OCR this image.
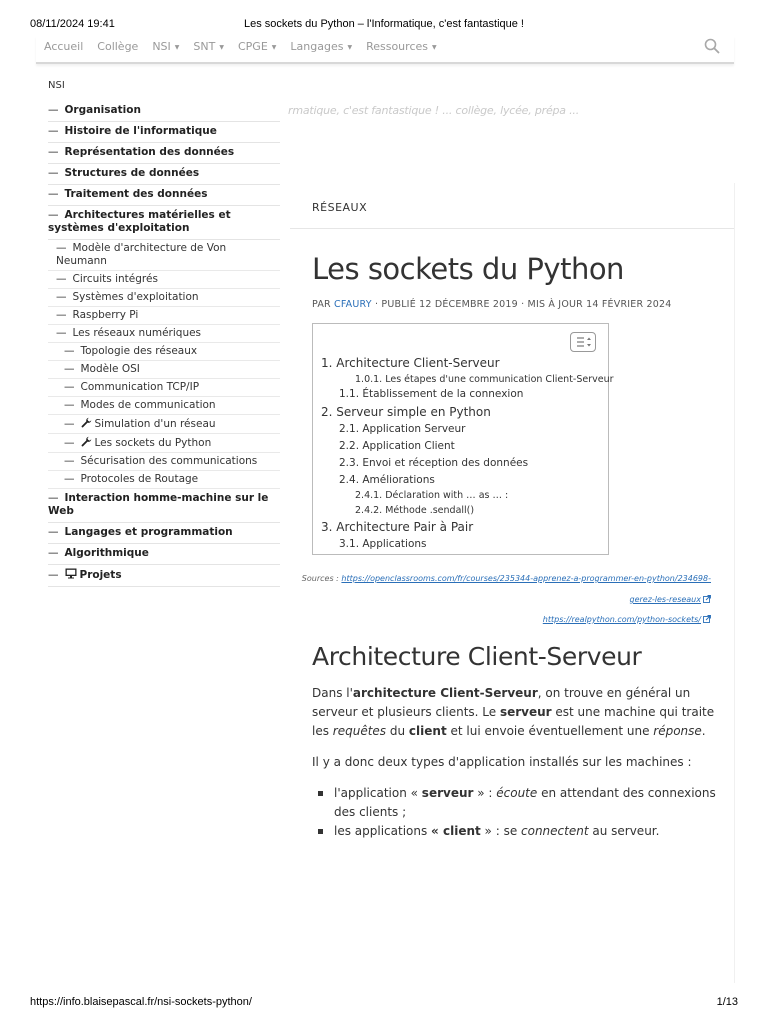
08/11/2024 19:41	Les sockets du Python – l'Informatique, c'est fantastique !
Accueil Collège NSI ▼ SNT ▼ CPGE ▼ Langages ▼ Ressources ▼
rmatique, c'est fantastique ! ... collège, lycée, prépa ...
NSI
— Organisation
— Histoire de l'informatique
— Représentation des données
— Structures de données
— Traitement des données
— Architectures matérielles et systèmes d'exploitation
— Modèle d'architecture de Von Neumann
— Circuits intégrés
— Systèmes d'exploitation
— Raspberry Pi
— Les réseaux numériques
— Topologie des réseaux
— Modèle OSI
— Communication TCP/IP
— Modes de communication
— Simulation d'un réseau
— Les sockets du Python
— Sécurisation des communications
— Protocoles de Routage
— Interaction homme-machine sur le Web
— Langages et programmation
— Algorithmique
— Projets
RÉSEAUX
Les sockets du Python
PAR CFAURY · PUBLIÉ 12 DÉCEMBRE 2019 · MIS À JOUR 14 FÉVRIER 2024
1. Architecture Client-Serveur
1.0.1. Les étapes d'une communication Client-Serveur
1.1. Établissement de la connexion
2. Serveur simple en Python
2.1. Application Serveur
2.2. Application Client
2.3. Envoi et réception des données
2.4. Améliorations
2.4.1. Déclaration with … as … :
2.4.2. Méthode .sendall()
3. Architecture Pair à Pair
3.1. Applications
Sources : https://openclassrooms.com/fr/courses/235344-apprenez-a-programmer-en-python/234698-
gerez-les-reseaux
https://realpython.com/python-sockets/
Architecture Client-Serveur
Dans l'architecture Client-Serveur, on trouve en général un serveur et plusieurs clients. Le serveur est une machine qui traite les requêtes du client et lui envoie éventuellement une réponse.
Il y a donc deux types d'application installés sur les machines :
l'application « serveur » : écoute en attendant des connexions des clients ;
les applications « client » : se connectent au serveur.
https://info.blaisepascal.fr/nsi-sockets-python/	1/13
